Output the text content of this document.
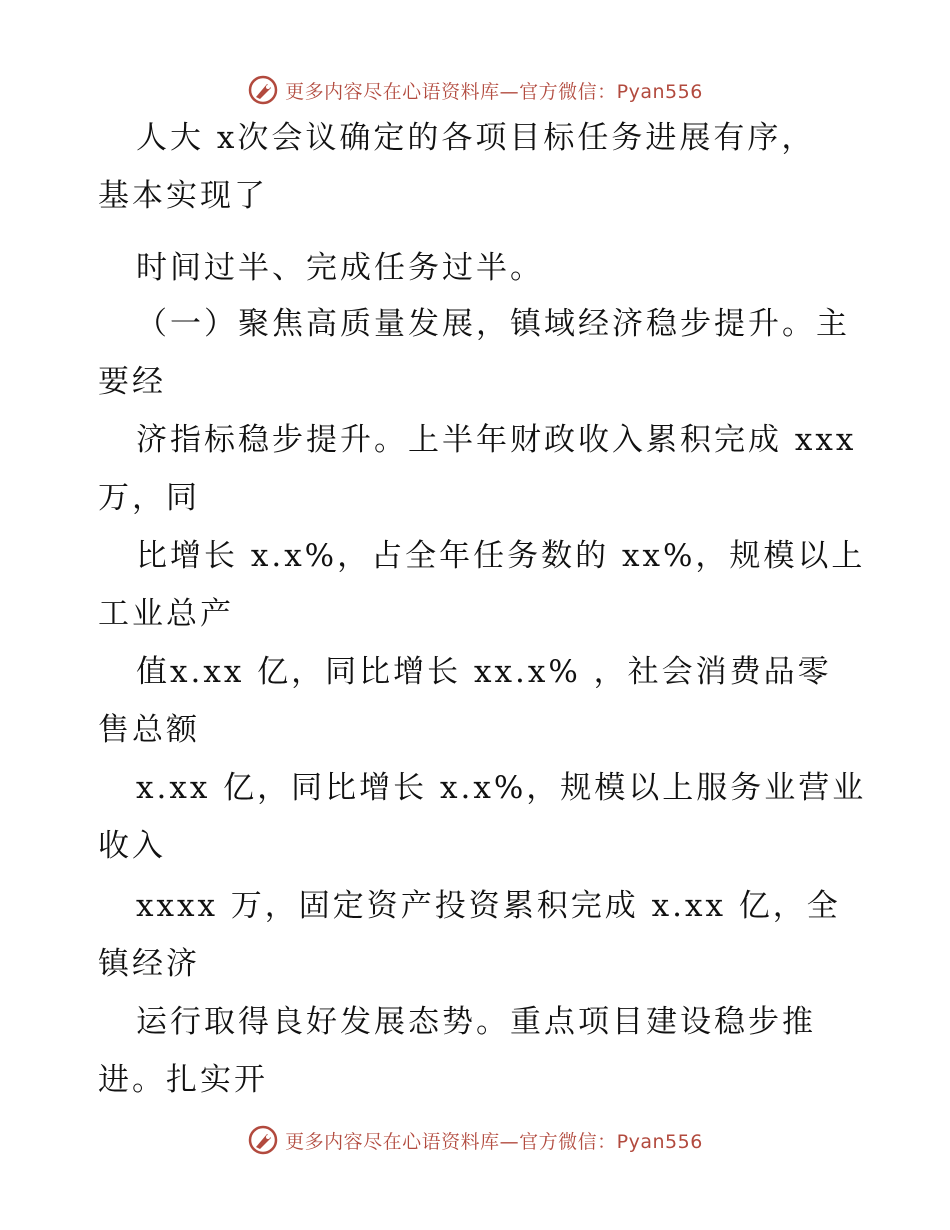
更多内容尽在心语资料库—官方微信：Pyan556
人大 x次会议确定的各项目标任务进展有序，
基本实现了
时间过半、完成任务过半。
（一）聚焦高质量发展，镇域经济稳步提升。主
要经
济指标稳步提升。上半年财政收入累积完成 xxx
万，同
比增长 x.x%，占全年任务数的 xx%，规模以上
工业总产
值x.xx 亿，同比增长 xx.x% ，社会消费品零
售总额
x.xx 亿，同比增长 x.x%，规模以上服务业营业
收入
xxxx 万，固定资产投资累积完成 x.xx 亿，全
镇经济
运行取得良好发展态势。重点项目建设稳步推
进。扎实开
更多内容尽在心语资料库—官方微信：Pyan556
